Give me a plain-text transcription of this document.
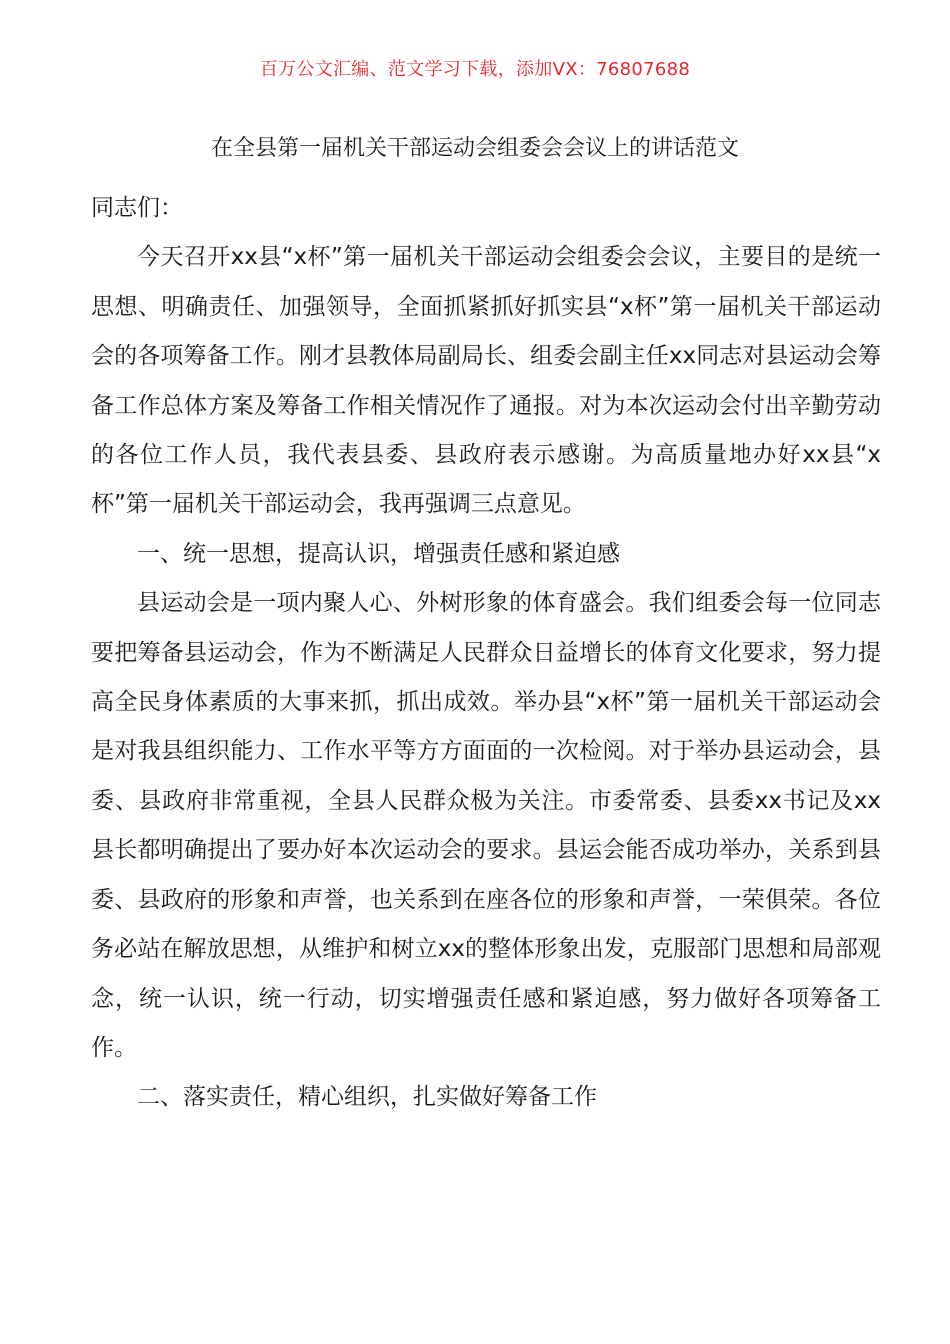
百万公文汇编、范文学习下载，添加VX：76807688
在全县第一届机关干部运动会组委会会议上的讲话范文

同志们：

今天召开xx县“x杯”第一届机关干部运动会组委会会议，主要目的是统一思想、明确责任、加强领导，全面抓紧抓好抓实县“x杯”第一届机关干部运动会的各项筹备工作。刚才县教体局副局长、组委会副主任xx同志对县运动会筹备工作总体方案及筹备工作相关情况作了通报。对为本次运动会付出辛勤劳动的各位工作人员，我代表县委、县政府表示感谢。为高质量地办好xx县“x杯”第一届机关干部运动会，我再强调三点意见。

一、统一思想，提高认识，增强责任感和紧迫感

县运动会是一项内聚人心、外树形象的体育盛会。我们组委会每一位同志要把筹备县运动会，作为不断满足人民群众日益增长的体育文化要求，努力提高全民身体素质的大事来抓，抓出成效。举办县“x杯”第一届机关干部运动会是对我县组织能力、工作水平等方方面面的一次检阅。对于举办县运动会，县委、县政府非常重视，全县人民群众极为关注。市委常委、县委xx书记及xx县长都明确提出了要办好本次运动会的要求。县运会能否成功举办，关系到县委、县政府的形象和声誉，也关系到在座各位的形象和声誉，一荣俱荣。各位务必站在解放思想，从维护和树立xx的整体形象出发，克服部门思想和局部观念，统一认识，统一行动，切实增强责任感和紧迫感，努力做好各项筹备工作。

二、落实责任，精心组织，扎实做好筹备工作
